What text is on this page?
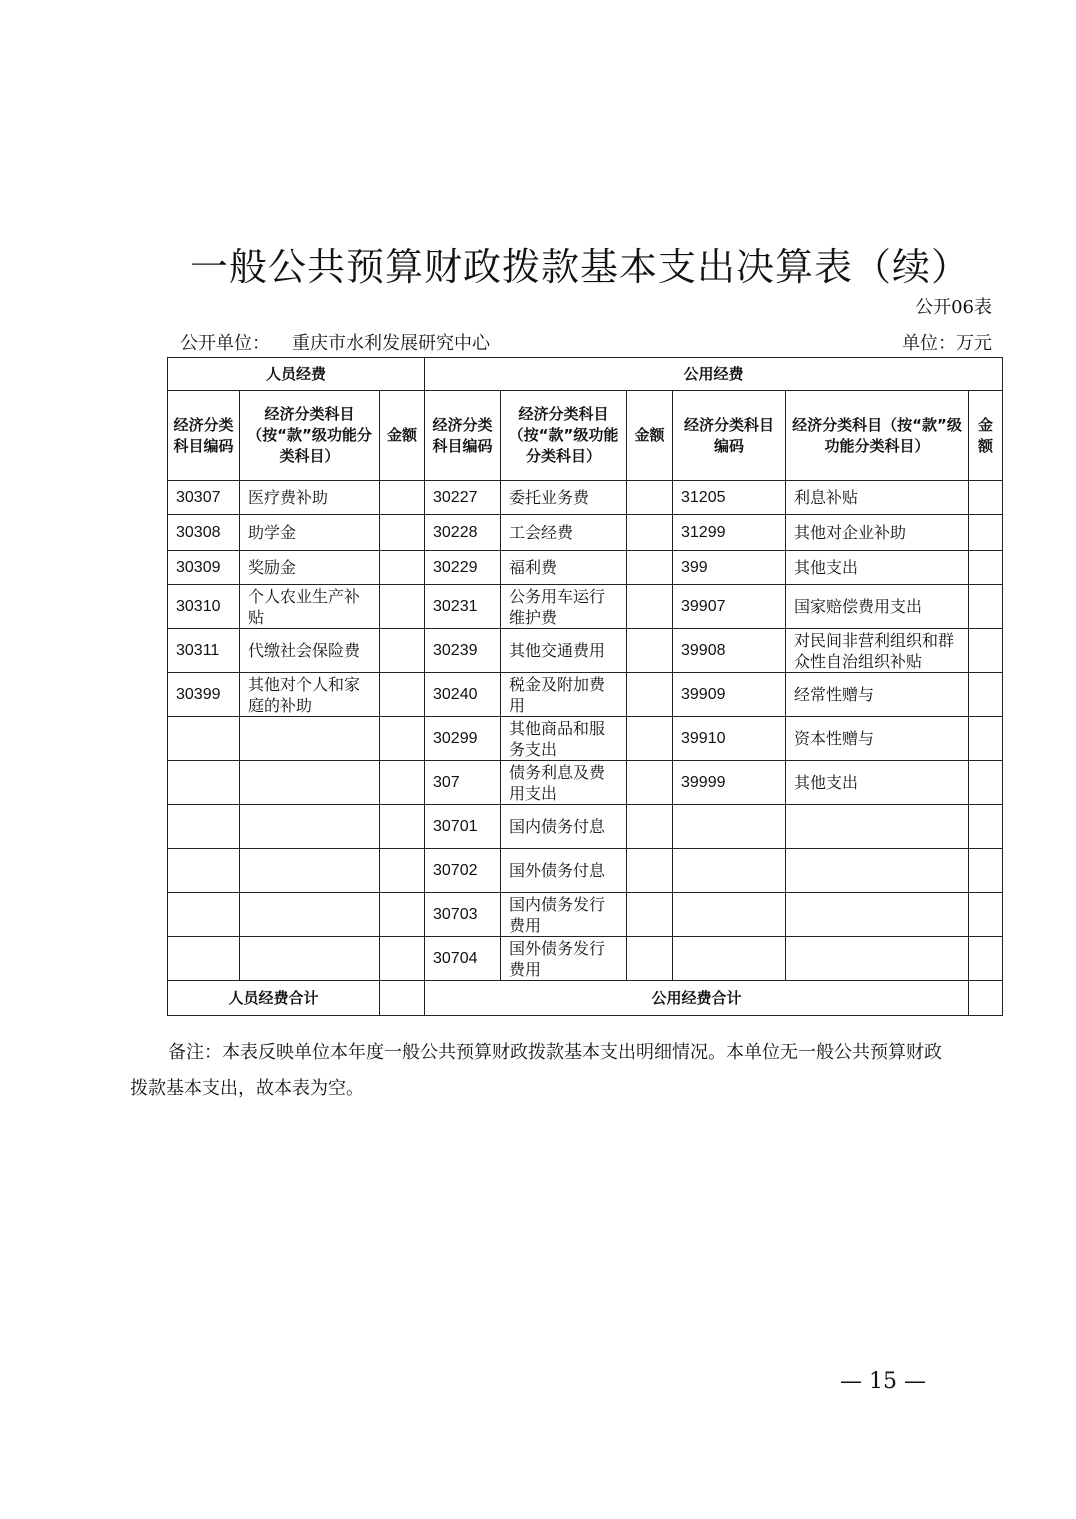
一般公共预算财政拨款基本支出决算表（续）
公开06表
公开单位： 重庆市水利发展研究中心	单位：万元
人员经费			公用经费					
经济分类科目编码	经济分类科目（按“款”级功能分类科目）	金额	经济分类科目编码	经济分类科目（按“款”级功能分类科目）	金额	经济分类科目编码	经济分类科目（按“款”级功能分类科目）	金额
30307	医疗费补助		30227	委托业务费		31205	利息补贴	
30308	助学金		30228	工会经费		31299	其他对企业补助	
30309	奖励金		30229	福利费		399	其他支出	
30310	个人农业生产补贴		30231	公务用车运行维护费		39907	国家赔偿费用支出	
30311	代缴社会保险费		30239	其他交通费用		39908	对民间非营利组织和群众性自治组织补贴	
30399	其他对个人和家庭的补助		30240	税金及附加费用		39909	经常性赠与	
			30299	其他商品和服务支出		39910	资本性赠与	
			307	债务利息及费用支出		39999	其他支出	
			30701	国内债务付息				
			30702	国外债务付息				
			30703	国内债务发行费用				
			30704	国外债务发行费用				
人员经费合计			公用经费合计					
备注：本表反映单位本年度一般公共预算财政拨款基本支出明细情况。本单位无一般公共预算财政拨款基本支出，故本表为空。
— 15 —
